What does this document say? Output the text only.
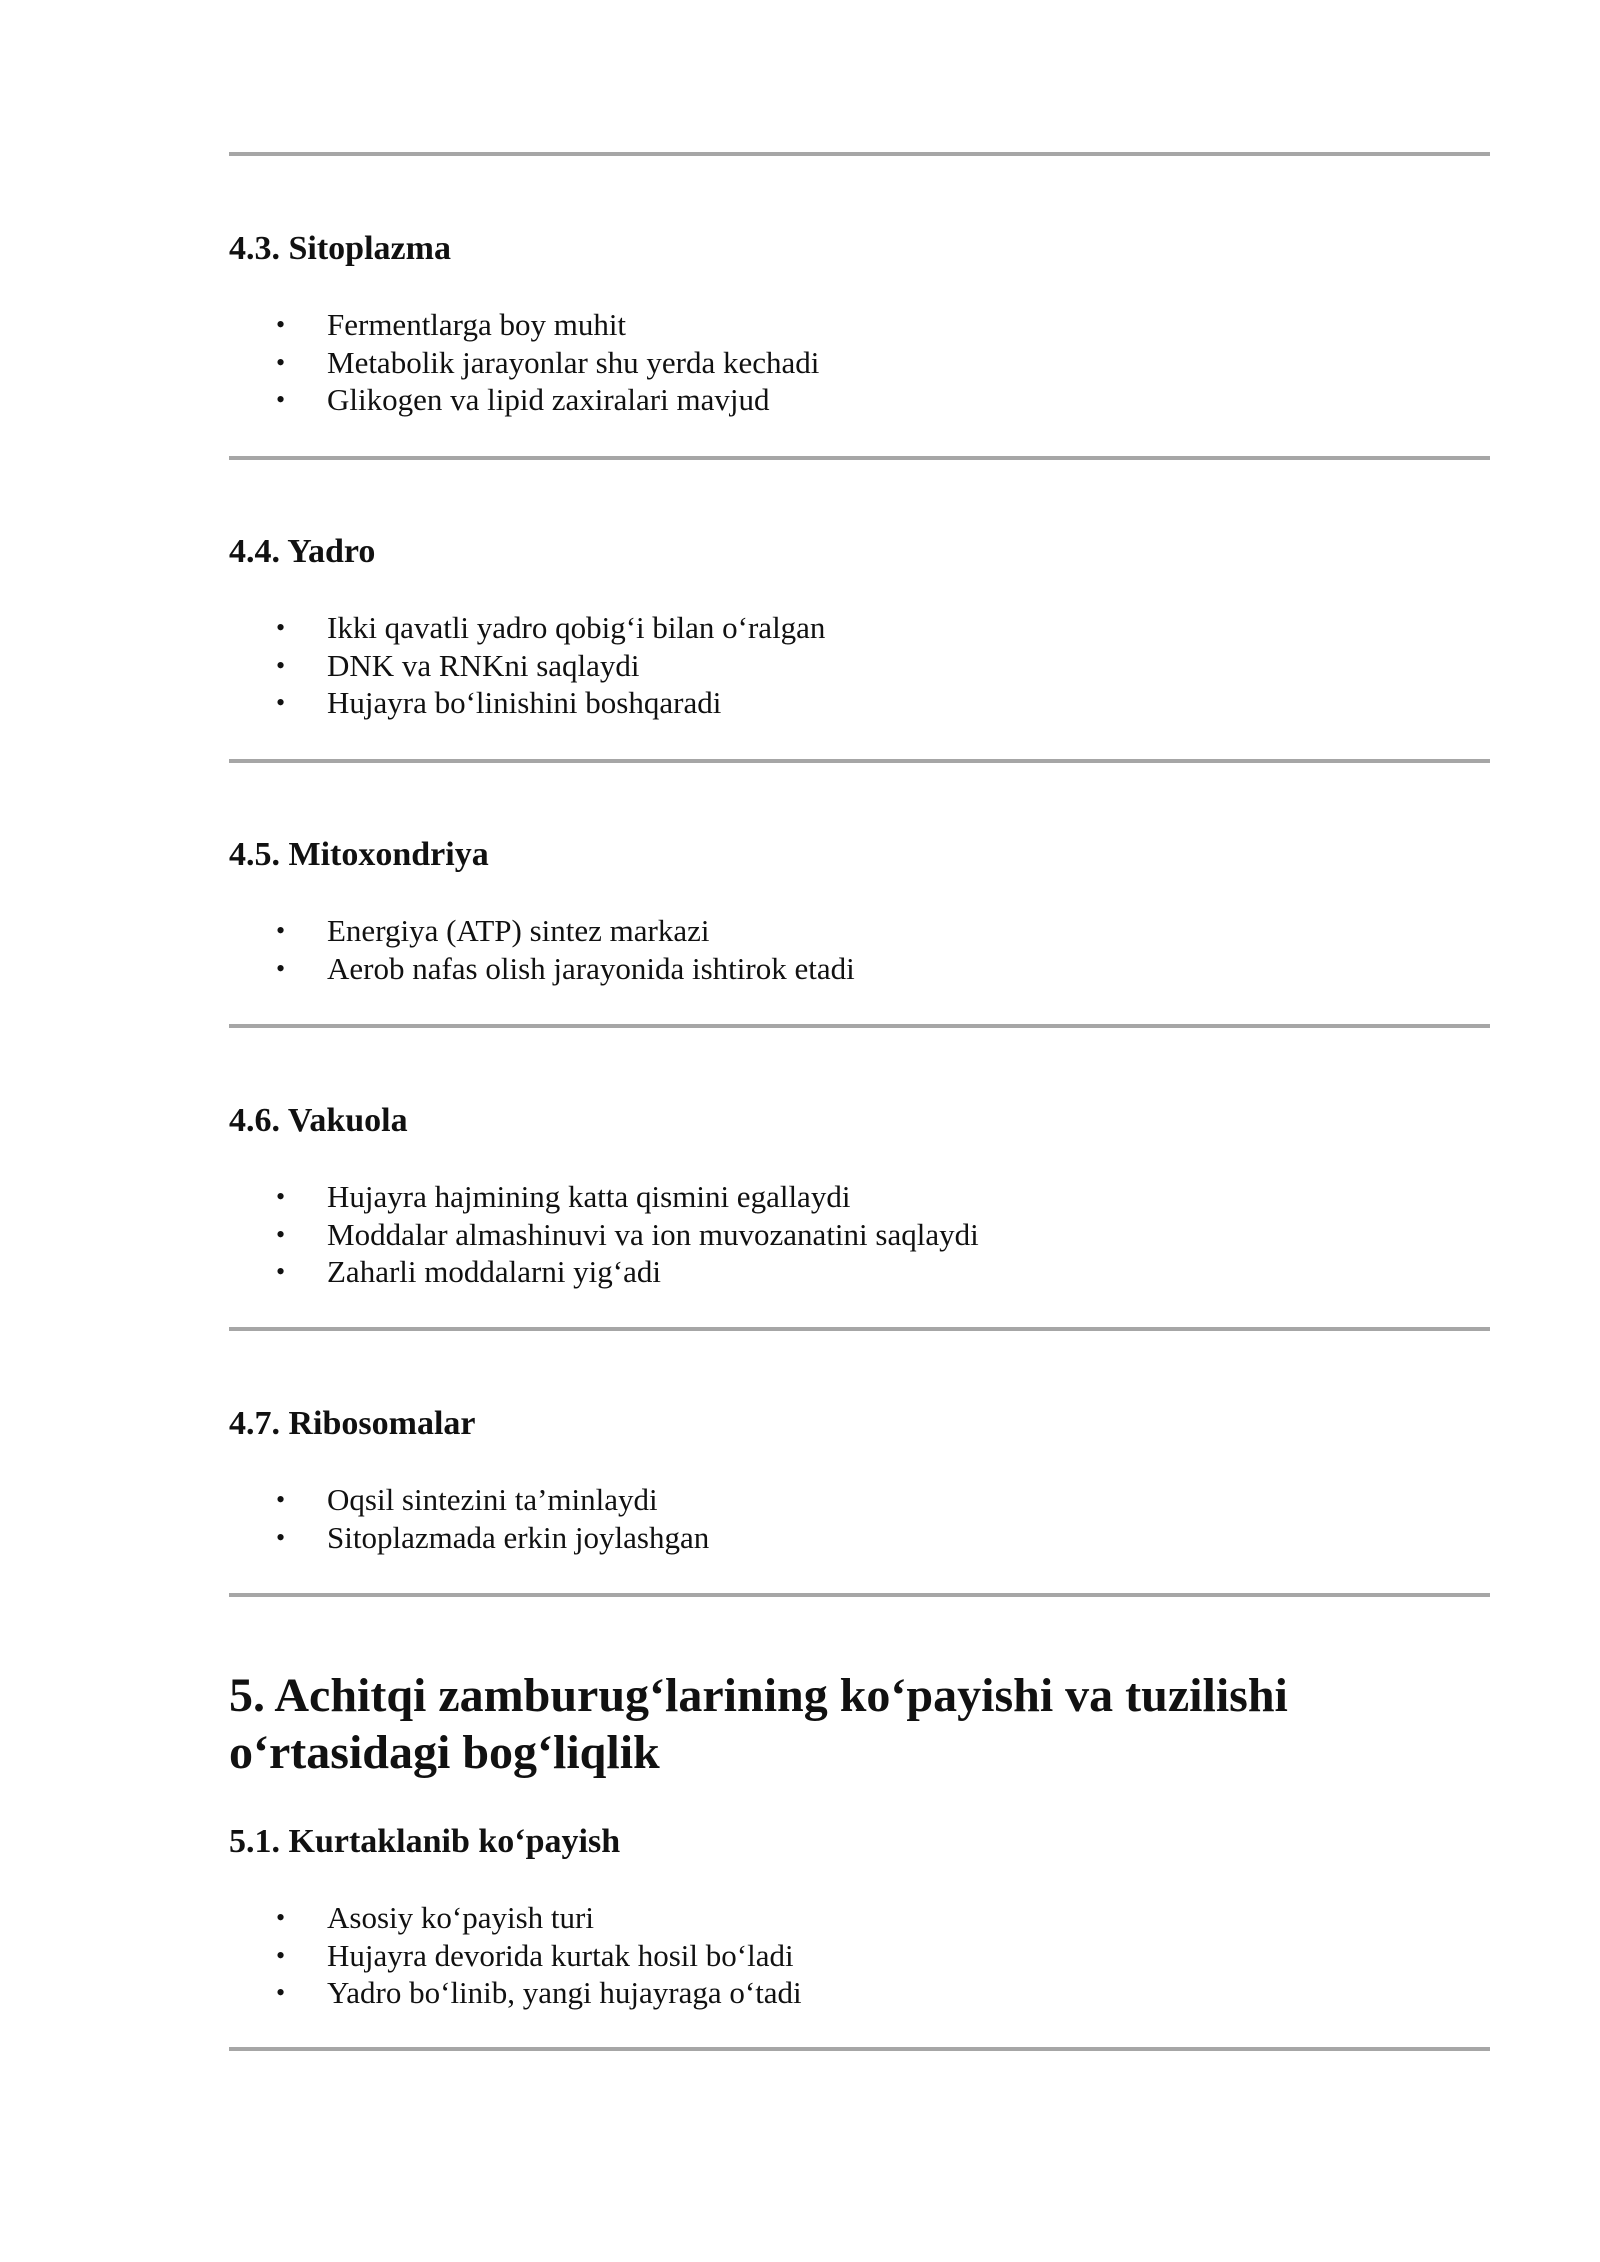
4.3. Sitoplazma
• Fermentlarga boy muhit
• Metabolik jarayonlar shu yerda kechadi
• Glikogen va lipid zaxiralari mavjud
4.4. Yadro
• Ikki qavatli yadro qobig‘i bilan o‘ralgan
• DNK va RNKni saqlaydi
• Hujayra bo‘linishini boshqaradi
4.5. Mitoxondriya
• Energiya (ATP) sintez markazi
• Aerob nafas olish jarayonida ishtirok etadi
4.6. Vakuola
• Hujayra hajmining katta qismini egallaydi
• Moddalar almashinuvi va ion muvozanatini saqlaydi
• Zaharli moddalarni yig‘adi
4.7. Ribosomalar
• Oqsil sintezini ta’minlaydi
• Sitoplazmada erkin joylashgan
5. Achitqi zamburug‘larining ko‘payishi va tuzilishi o‘rtasidagi bog‘liqlik
5.1. Kurtaklanib ko‘payish
• Asosiy ko‘payish turi
• Hujayra devorida kurtak hosil bo‘ladi
• Yadro bo‘linib, yangi hujayraga o‘tadi
